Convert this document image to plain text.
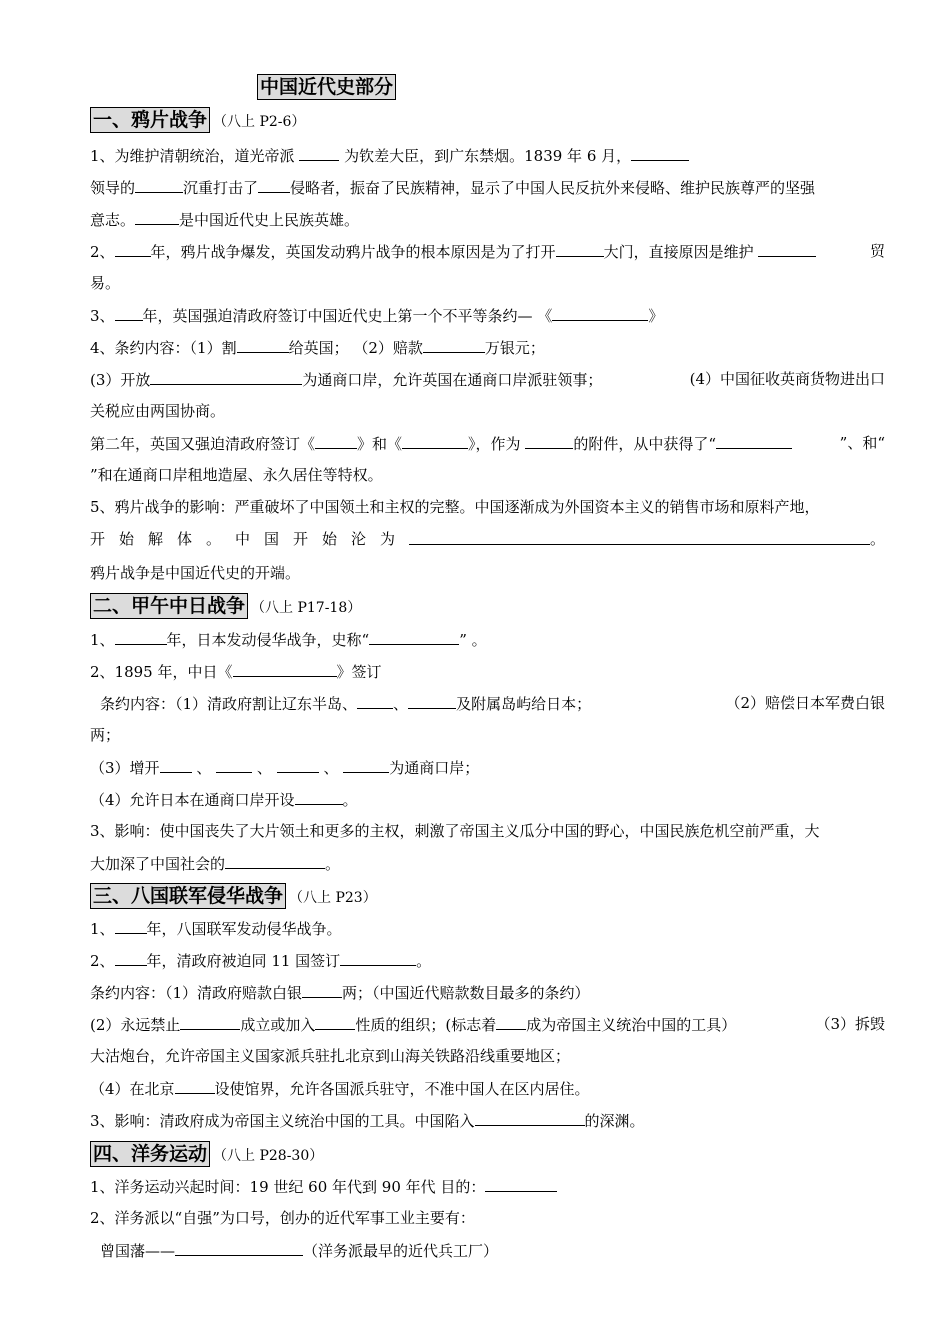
中国近代史部分
一、鸦片战争 （八上 P2-6）
1、为维护清朝统治，道光帝派	为钦差大臣，到广东禁烟。1839 年 6 月，
领导的	沉重打击了 侵略者，振奋了民族精神，显示了中国人民反抗外来侵略、维护民族尊严的坚强
意志。	是中国近代史上民族英雄。
2、 年，鸦片战争爆发，英国发动鸦片战争的根本原因是为了打开	大门，直接原因是维护	贸
易。
3、 年，英国强迫清政府签订中国近代史上第一个不平等条约— 《	》
4、条约内容：（1）割	给英国； （2）赔款	万银元；
(3）开放	为通商口岸，允许英国在通商口岸派驻领事；	(4）中国征收英商货物进出口
关税应由两国协商。
第二年，英国又强迫清政府签订《	》和《	》，作为	的附件，从中获得了“	”、和“
”和在通商口岸租地造屋、永久居住等特权。
5、鸦片战争的影响：严重破坏了中国领土和主权的完整。中国逐渐成为外国资本主义的销售市场和原料产地，
开始解体。中国开始沦为	。
鸦片战争是中国近代史的开端。
二、甲午中日战争 （八上 P17-18）
1、	年，日本发动侵华战争，史称“	” 。
2、1895 年，中日《	》签订
条约内容：（1）清政府割让辽东半岛、 、	及附属岛屿给日本；	（2）赔偿日本军费白银
两；
（3）增开 、	、	、	为通商口岸；
（4）允许日本在通商口岸开设	。
3、影响：使中国丧失了大片领土和更多的主权，刺激了帝国主义瓜分中国的野心，中国民族危机空前严重，大
大加深了中国社会的	。
三、八国联军侵华战争 （八上 P23）
1、 年，八国联军发动侵华战争。
2、 年，清政府被迫同 11 国签订	。
条约内容：（1）清政府赔款白银	两；（中国近代赔款数目最多的条约）
(2）永远禁止	成立或加入	性质的组织；(标志着 成为帝国主义统治中国的工具）	（3）拆毁
大沽炮台，允许帝国主义国家派兵驻扎北京到山海关铁路沿线重要地区；
（4）在北京	设使馆界，允许各国派兵驻守，不准中国人在区内居住。
3、影响：清政府成为帝国主义统治中国的工具。中国陷入	的深渊。
四、洋务运动 （八上 P28-30）
1、洋务运动兴起时间：19 世纪 60 年代到 90 年代 目的：
2、洋务派以“自强”为口号，创办的近代军事工业主要有：
曾国藩——	（洋务派最早的近代兵工厂）
